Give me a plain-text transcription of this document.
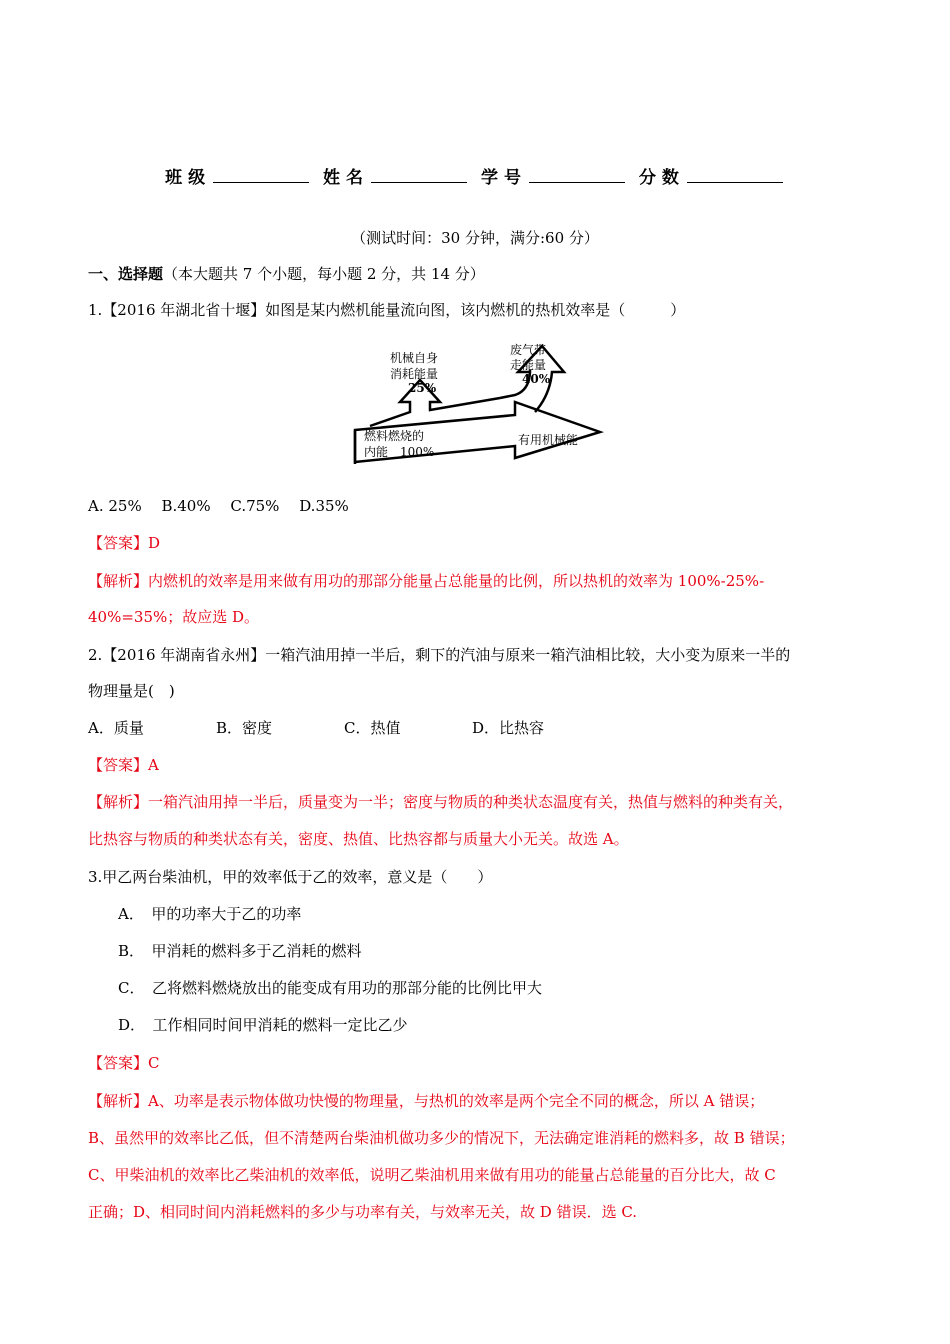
班级	姓名	学号	分数
（测试时间：30 分钟，满分:60 分）
一、选择题（本大题共 7 个小题，每小题 2 分，共 14 分）
1.【2016 年湖北省十堰】如图是某内燃机能量流向图，该内燃机的热机效率是（　　　）
机械自身
消耗能量
25%
废气带
走能量
40%
燃料燃烧的
内能　100%
有用机械能
A. 25%　 B.40% 　C.75% 　D.35%
【答案】D
【解析】内燃机的效率是用来做有用功的那部分能量占总能量的比例，所以热机的效率为 100%-25%-
40%=35%；故应选 D。
2.【2016 年湖南省永州】一箱汽油用掉一半后，剩下的汽油与原来一箱汽油相比较，大小变为原来一半的
物理量是(　)
A．质量	B．密度	C．热值	D．比热容
【答案】A
【解析】一箱汽油用掉一半后，质量变为一半；密度与物质的种类状态温度有关，热值与燃料的种类有关，
比热容与物质的种类状态有关，密度、热值、比热容都与质量大小无关。故选 A。
3.甲乙两台柴油机，甲的效率低于乙的效率，意义是（　　）
A．　甲的功率大于乙的功率
B．　甲消耗的燃料多于乙消耗的燃料
C．　乙将燃料燃烧放出的能变成有用功的那部分能的比例比甲大
D．　工作相同时间甲消耗的燃料一定比乙少
【答案】C
【解析】A、功率是表示物体做功快慢的物理量，与热机的效率是两个完全不同的概念，所以 A 错误；
B、虽然甲的效率比乙低，但不清楚两台柴油机做功多少的情况下，无法确定谁消耗的燃料多，故 B 错误；
C、甲柴油机的效率比乙柴油机的效率低，说明乙柴油机用来做有用功的能量占总能量的百分比大，故 C
正确；D、相同时间内消耗燃料的多少与功率有关，与效率无关，故 D 错误．选 C.
